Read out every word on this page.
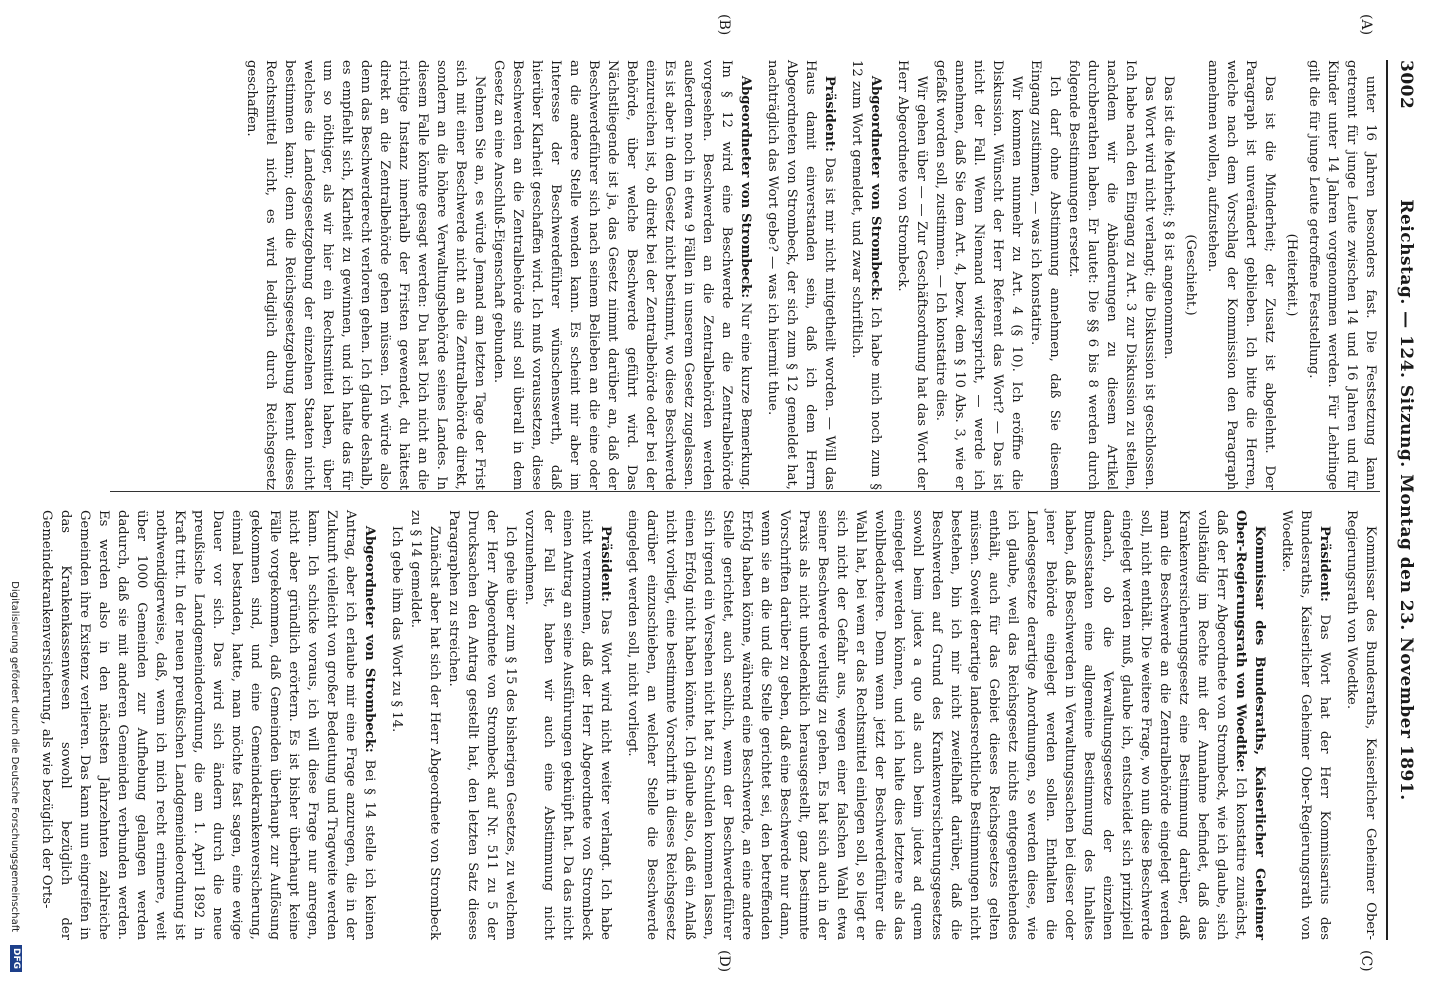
3002
Reichstag. — 124. Sitzung. Montag den 23. November 1891.
(A)
(B)
(C)
(D)

unter 16 Jahren besonders fast. Die Festsetzung kann getrennt für junge Leute zwischen 14 und 16 Jahren und für Kinder unter 14 Jahren vorgenommen werden. Für Lehrlinge gilt die für junge Leute getroffene Feststellung.

(Heiterkeit.)

Das ist die Minderheit; der Zusatz ist abgelehnt. Der Paragraph ist unverändert geblieben. Ich bitte die Herren, welche nach dem Vorschlag der Kommission den Paragraph annehmen wollen, aufzustehen.

(Geschieht.)

Das ist die Mehrheit; § 8 ist angenommen.

Das Wort wird nicht verlangt; die Diskussion ist geschlossen. Ich habe nach den Eingang zu Art. 3 zur Diskussion zu stellen, nachdem wir die Abänderungen zu diesem Artikel durchberathen haben. Er lautet: Die §§ 6 bis 8 werden durch folgende Bestimmungen ersetzt.

Ich darf ohne Abstimmung annehmen, daß Sie diesem Eingang zustimmen, — was ich konstatire.

Wir kommen nunmehr zu Art. 4 (§ 10). Ich eröffne die Diskussion. Wünscht der Herr Referent das Wort? — Das ist nicht der Fall. Wenn Niemand widerspricht, — werde ich annehmen, daß Sie dem Art. 4, bezw. dem § 10 Abs. 3, wie er gefaßt worden soll, zustimmen. — Ich konstatire dies.

Wir gehen über — — Zur Geschäftsordnung hat das Wort der Herr Abgeordnete von Strombeck.

Abgeordneter von Strombeck: Ich habe mich noch zum § 12 zum Wort gemeldet, und zwar schriftlich.

Präsident: Das ist mir nicht mitgetheilt worden. — Will das Haus damit einverstanden sein, daß ich dem Herrn Abgeordneten von Strombeck, der sich zum § 12 gemeldet hat, nachträglich das Wort gebe? — was ich hiermit thue.

Abgeordneter von Strombeck: Nur eine kurze Bemerkung. Im § 12 wird eine Beschwerde an die Zentralbehörde vorgesehen. Beschwerden an die Zentralbehörden werden außerdem noch in etwa 9 Fällen in unserem Gesetz zugelassen. Es ist aber in dem Gesetz nicht bestimmt, wo diese Beschwerde einzureichen ist, ob direkt bei der Zentralbehörde oder bei der Behörde, über welche Beschwerde geführt wird. Das Nächstliegende ist ja, das Gesetz nimmt darüber an, daß der Beschwerdeführer sich nach seinem Belieben an die eine oder an die andere Stelle wenden kann. Es scheint mir aber im Interesse der Beschwerdeführer wünschenswerth, daß hierüber Klarheit geschaffen wird. Ich muß voraussetzen, diese Beschwerden an die Zentralbehörde sind soll überall in dem Gesetz an eine Anschluß-Eigenschaft gebunden.

Nehmen Sie an, es würde Jemand am letzten Tage der Frist sich mit einer Beschwerde nicht an die Zentralbehörde direkt, sondern an die höhere Verwaltungsbehörde seines Landes. In diesem Falle könnte gesagt werden: Du hast Dich nicht an die richtige Instanz innerhalb der Fristen gewendet, du hättest direkt an die Zentralbehörde gehen müssen. Ich würde also denn das Beschwerderecht verloren gehen. Ich glaube deshalb, es empfiehlt sich, Klarheit zu gewinnen, und ich halte das für um so nöthiger, als wir hier ein Rechtsmittel haben, über welches die Landesgesetzgebung der einzelnen Staaten nicht bestimmen kann; denn die Reichsgesetzgebung kennt dieses Rechtsmittel nicht, es wird lediglich durch Reichsgesetz geschaffen.

Kommissar des Bundesraths, Kaiserlicher Geheimer Ober-Regierungsrath von Woedtke.

Präsident: Das Wort hat der Herr Kommissarius des Bundesraths, Kaiserlicher Geheimer Ober-Regierungsrath von Woedtke.

Kommissar des Bundesraths, Kaiserlicher Geheimer Ober-Regierungsrath von Woedtke: Ich konstatire zunächst, daß der Herr Abgeordnete von Strombeck, wie ich glaube, sich vollständig im Rechte mit der Annahme befindet, daß das Krankenversicherungsgesetz eine Bestimmung darüber, daß man die Beschwerde an die Zentralbehörde eingelegt werden soll, nicht enthält. Die weitere Frage, wo nun diese Beschwerde eingelegt werden muß, glaube ich, entscheidet sich prinzipiell danach, ob die Verwaltungsgesetze der einzelnen Bundesstaaten eine allgemeine Bestimmung des Inhaltes haben, daß Beschwerden in Verwaltungssachen bei dieser oder jener Behörde eingelegt werden sollen. Enthalten die Landesgesetze derartige Anordnungen, so werden diese, wie ich glaube, weil das Reichsgesetz nichts entgegenstehendes enthält, auch für das Gebiet dieses Reichsgesetzes gelten müssen. Soweit derartige landesrechtliche Bestimmungen nicht bestehen, bin ich mir nicht zweifelhaft darüber, daß die Beschwerden auf Grund des Krankenversicherungsgesetzes sowohl beim judex a quo als auch beim judex ad quem eingelegt werden können, und ich halte dies letztere als das wohlbedachtere. Denn wenn jetzt der Beschwerdeführer die Wahl hat, bei wem er das Rechtsmittel einlegen soll, so liegt er sich nicht der Gefahr aus, wegen einer falschen Wahl etwa seiner Beschwerde verlustig zu gehen. Es hat sich auch in der Praxis als nicht unbedenklich herausgestellt, ganz bestimmte Vorschriften darüber zu geben, daß eine Beschwerde nur dann, wenn sie an die und die Stelle gerichtet sei, den betreffenden Erfolg haben könne, während eine Beschwerde, an eine andere Stelle gerichtet, auch sachlich, wenn der Beschwerdeführer sich irgend ein Versehen nicht hat zu Schulden kommen lassen, einen Erfolg nicht haben könnte. Ich glaube also, daß ein Anlaß nicht vorliegt, eine bestimmte Vorschrift in dieses Reichsgesetz darüber einzuschieben, an welcher Stelle die Beschwerde eingelegt werden soll, nicht vorliegt.

Präsident: Das Wort wird nicht weiter verlangt. Ich habe nicht vernommen, daß der Herr Abgeordnete von Strombeck einen Antrag an seine Ausführungen geknüpft hat. Da das nicht der Fall ist, haben wir auch eine Abstimmung nicht vorzunehmen.

Ich gehe über zum § 15 des bisherigen Gesetzes, zu welchem der Herr Abgeordnete von Strombeck auf Nr. 511 zu 5 der Drucksachen den Antrag gestellt hat, den letzten Satz dieses Paragraphen zu streichen.

Zunächst aber hat sich der Herr Abgeordnete von Strombeck zu § 14 gemeldet.

Ich gebe ihm das Wort zu § 14.

Abgeordneter von Strombeck: Bei § 14 stelle ich keinen Antrag, aber ich erlaube mir eine Frage anzuregen, die in der Zukunft vielleicht von großer Bedeutung und Tragweite werden kann. Ich schicke voraus, ich will diese Frage nur anregen, nicht aber gründlich erörtern. Es ist bisher überhaupt keine Fälle vorgekommen, daß Gemeinden überhaupt zur Auflösung gekommen sind, und eine Gemeindekrankenversicherung, einmal bestanden, hatte, man möchte fast sagen, eine ewige Dauer vor sich. Das wird sich ändern durch die neue preußische Landgemeindeordnung, die am 1. April 1892 in Kraft tritt. In der neuen preußischen Landgemeindeordnung ist nothwendigerweise, daß, wenn ich mich recht erinnere, weit über 1000 Gemeinden zur Aufhebung gelangen werden dadurch, daß sie mit anderen Gemeinden verbunden werden. Es werden also in den nächsten Jahrzehnten zahlreiche Gemeinden ihre Existenz verlieren. Das kann nun eingreifen in das Krankenkassenwesen sowohl bezüglich der Gemeindekrankenversicherung, als wie bezüglich der Orts-

Digitalisierung gefördert durch die Deutsche Forschungsgemeinschaft
DFG
